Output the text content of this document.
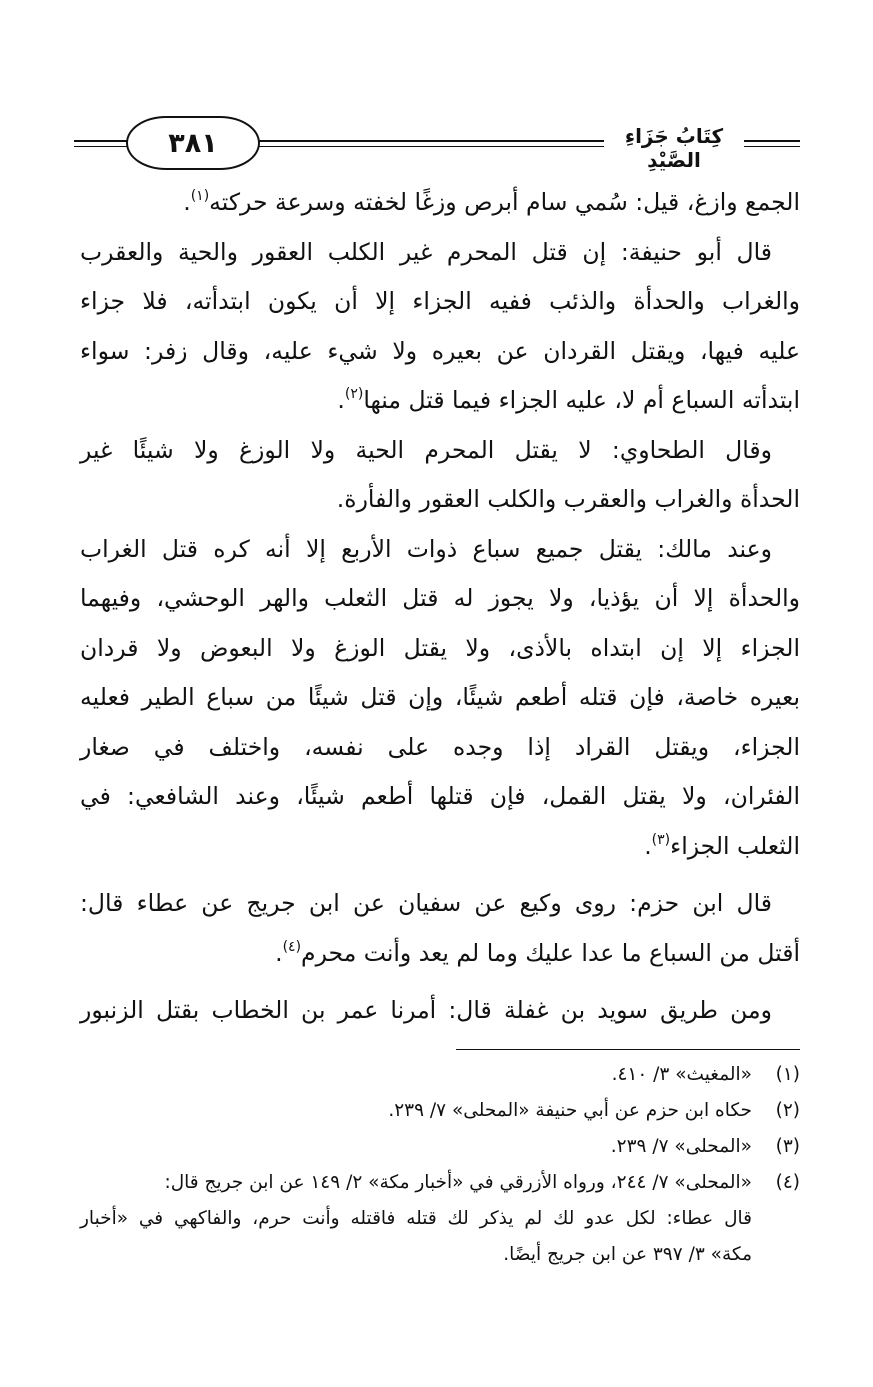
٣٨١	كِتَابُ جَزَاءِ الصَّيْدِ
الجمع وازغ، قيل: سُمي سام أبرص وزغًا لخفته وسرعة حركته$^{(١)}$.
قال أبو حنيفة: إن قتل المحرم غير الكلب العقور والحية والعقرب
والغراب والحدأة والذئب ففيه الجزاء إلا أن يكون ابتدأته، فلا جزاء
عليه فيها، ويقتل القردان عن بعيره ولا شيء عليه، وقال زفر: سواء
ابتدأته السباع أم لا، عليه الجزاء فيما قتل منها$^{(٢)}$.
وقال الطحاوي: لا يقتل المحرم الحية ولا الوزغ ولا شيئًا غير
الحدأة والغراب والعقرب والكلب العقور والفأرة.
وعند مالك: يقتل جميع سباع ذوات الأربع إلا أنه كره قتل الغراب
والحدأة إلا أن يؤذيا، ولا يجوز له قتل الثعلب والهر الوحشي، وفيهما
الجزاء إلا إن ابتداه بالأذى، ولا يقتل الوزغ ولا البعوض ولا قردان
بعيره خاصة، فإن قتله أطعم شيئًا، وإن قتل شيئًا من سباع الطير فعليه
الجزاء، ويقتل القراد إذا وجده على نفسه، واختلف في صغار
الفئران، ولا يقتل القمل، فإن قتلها أطعم شيئًا، وعند الشافعي: في
الثعلب الجزاء$^{(٣)}$.
قال ابن حزم: روى وكيع عن سفيان عن ابن جريج عن عطاء قال:
أقتل من السباع ما عدا عليك وما لم يعد وأنت محرم$^{(٤)}$.
ومن طريق سويد بن غفلة قال: أمرنا عمر بن الخطاب بقتل الزنبور
(١)«المغيث» ٣/ ٤١٠.
(٢)حكاه ابن حزم عن أبي حنيفة «المحلى» ٧/ ٢٣٩.
(٣)«المحلى» ٧/ ٢٣٩.
(٤)«المحلى» ٧/ ٢٤٤، ورواه الأزرقي في «أخبار مكة» ٢/ ١٤٩ عن ابن جريج قال:
قال عطاء: لكل عدو لك لم يذكر لك قتله فاقتله وأنت حرم، والفاكهي في «أخبار
مكة» ٣/ ٣٩٧ عن ابن جريج أيضًا.
